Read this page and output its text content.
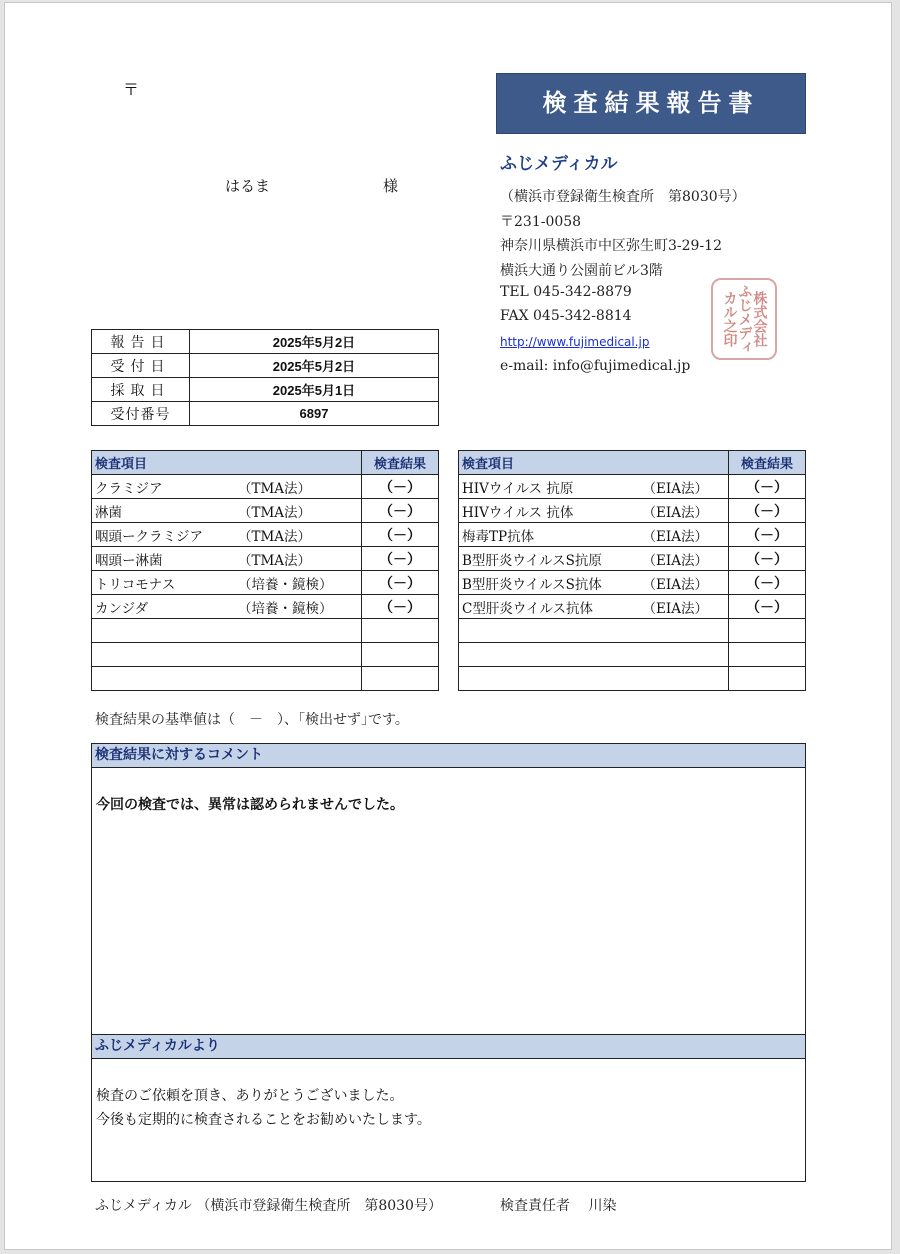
〒
はるま	様
検査結果報告書
ふじメディカル
（横浜市登録衛生検査所　第8030号）
〒231-0058
神奈川県横浜市中区弥生町3-29-12
横浜大通り公園前ビル3階
TEL 045-342-8879
FAX 045-342-8814
http://www.fujimedical.jp
e-mail: info@fujimedical.jp
株式会社
ふじメディ
カル之印
報告日	2025年5月2日
受付日	2025年5月2日
採取日	2025年5月1日
受付番号	6897
検査項目		検査結果
クラミジア	（TMA法）	（－）
淋菌	（TMA法）	（－）
咽頭ークラミジア	（TMA法）	（－）
咽頭ー淋菌	（TMA法）	（－）
トリコモナス	（培養・鏡検）	（－）
カンジダ	（培養・鏡検）	（－）

検査項目		検査結果
HIVウイルス 抗原	（EIA法）	（－）
HIVウイルス 抗体	（EIA法）	（－）
梅毒TP抗体	（EIA法）	（－）
B型肝炎ウイルスS抗原	（EIA法）	（－）
B型肝炎ウイルスS抗体	（EIA法）	（－）
C型肝炎ウイルス抗体	（EIA法）	（－）

検査結果の基準値は（　－　）、｢検出せず｣です。
検査結果に対するコメント
今回の検査では、異常は認められませんでした。
ふじメディカルより
検査のご依頼を頂き、ありがとうございました。
今後も定期的に検査されることをお勧めいたします。
ふじメディカル （横浜市登録衛生検査所　第8030号）	検査責任者　 川染
